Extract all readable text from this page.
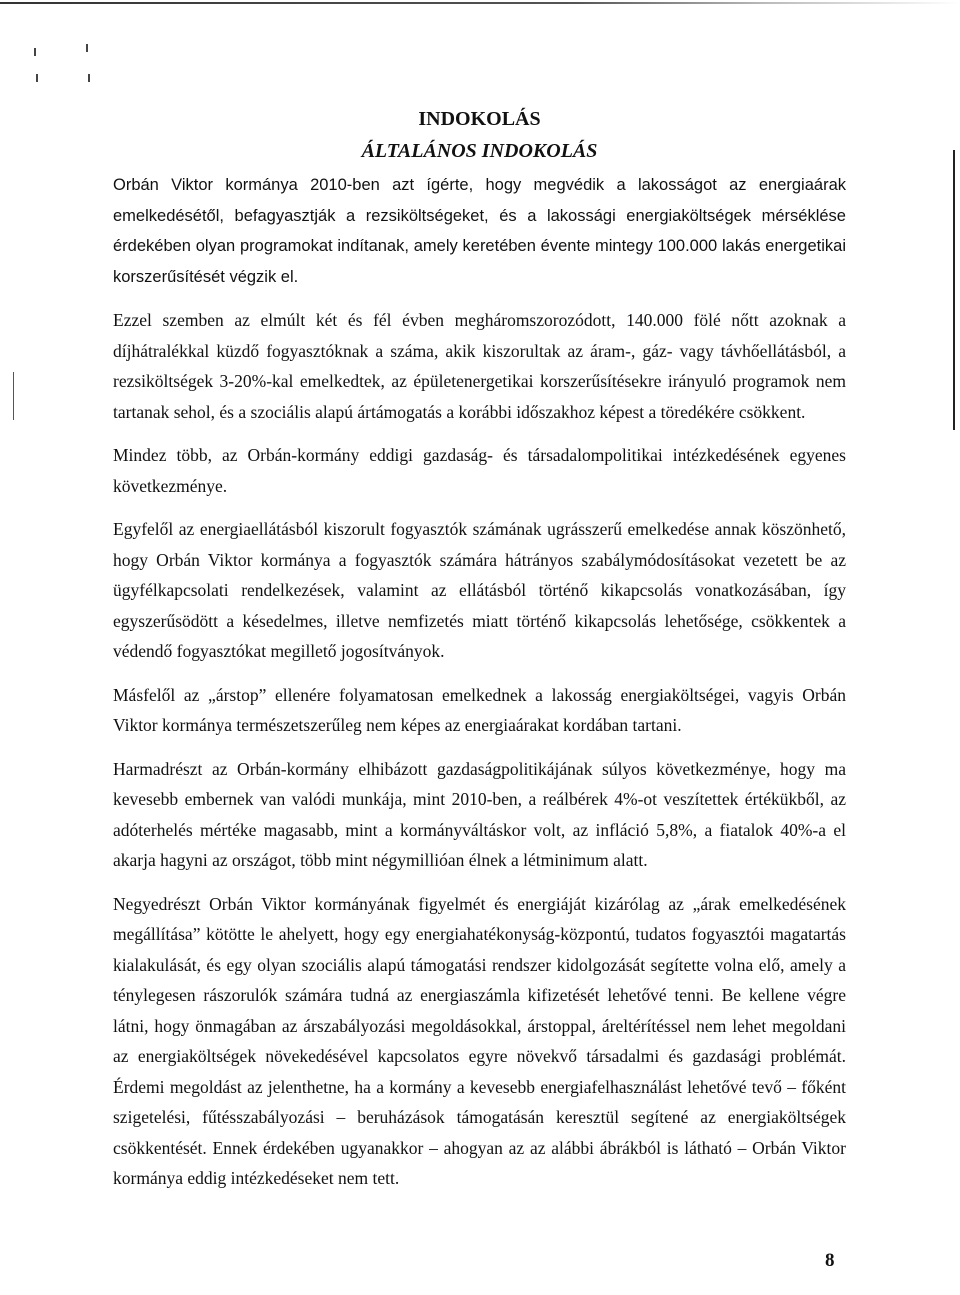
INDOKOLÁS
ÁLTALÁNOS INDOKOLÁS

Orbán Viktor kormánya 2010-ben azt ígérte, hogy megvédik a lakosságot az energiaárak emelkedésétől, befagyasztják a rezsiköltségeket, és a lakossági energiaköltségek mérséklése érdekében olyan programokat indítanak, amely keretében évente mintegy 100.000 lakás energetikai korszerűsítését végzik el.

Ezzel szemben az elmúlt két és fél évben megháromszorozódott, 140.000 fölé nőtt azoknak a díjhátralékkal küzdő fogyasztóknak a száma, akik kiszorultak az áram-, gáz- vagy távhőellátásból, a rezsiköltségek 3-20%-kal emelkedtek, az épületenergetikai korszerűsítésekre irányuló programok nem tartanak sehol, és a szociális alapú ártámogatás a korábbi időszakhoz képest a töredékére csökkent.

Mindez több, az Orbán-kormány eddigi gazdaság- és társadalompolitikai intézkedésének egyenes következménye.

Egyfelől az energiaellátásból kiszorult fogyasztók számának ugrásszerű emelkedése annak köszönhető, hogy Orbán Viktor kormánya a fogyasztók számára hátrányos szabálymódosításokat vezetett be az ügyfélkapcsolati rendelkezések, valamint az ellátásból történő kikapcsolás vonatkozásában, így egyszerűsödött a késedelmes, illetve nemfizetés miatt történő kikapcsolás lehetősége, csökkentek a védendő fogyasztókat megillető jogosítványok.

Másfelől az „árstop” ellenére folyamatosan emelkednek a lakosság energiaköltségei, vagyis Orbán Viktor kormánya természetszerűleg nem képes az energiaárakat kordában tartani.

Harmadrészt az Orbán-kormány elhibázott gazdaságpolitikájának súlyos következménye, hogy ma kevesebb embernek van valódi munkája, mint 2010-ben, a reálbérek 4%-ot veszítettek értékükből, az adóterhelés mértéke magasabb, mint a kormányváltáskor volt, az infláció 5,8%, a fiatalok 40%-a el akarja hagyni az országot, több mint négymillióan élnek a létminimum alatt.

Negyedrészt Orbán Viktor kormányának figyelmét és energiáját kizárólag az „árak emelkedésének megállítása” kötötte le ahelyett, hogy egy energiahatékonyság-központú, tudatos fogyasztói magatartás kialakulását, és egy olyan szociális alapú támogatási rendszer kidolgozását segítette volna elő, amely a ténylegesen rászorulók számára tudná az energiaszámla kifizetését lehetővé tenni. Be kellene végre látni, hogy önmagában az árszabályozási megoldásokkal, árstoppal, áreltérítéssel nem lehet megoldani az energiaköltségek növekedésével kapcsolatos egyre növekvő társadalmi és gazdasági problémát. Érdemi megoldást az jelenthetne, ha a kormány a kevesebb energiafelhasználást lehetővé tevő – főként szigetelési, fűtésszabályozási – beruházások támogatásán keresztül segítené az energiaköltségek csökkentését. Ennek érdekében ugyanakkor – ahogyan az az alábbi ábrákból is látható – Orbán Viktor kormánya eddig intézkedéseket nem tett.

8
